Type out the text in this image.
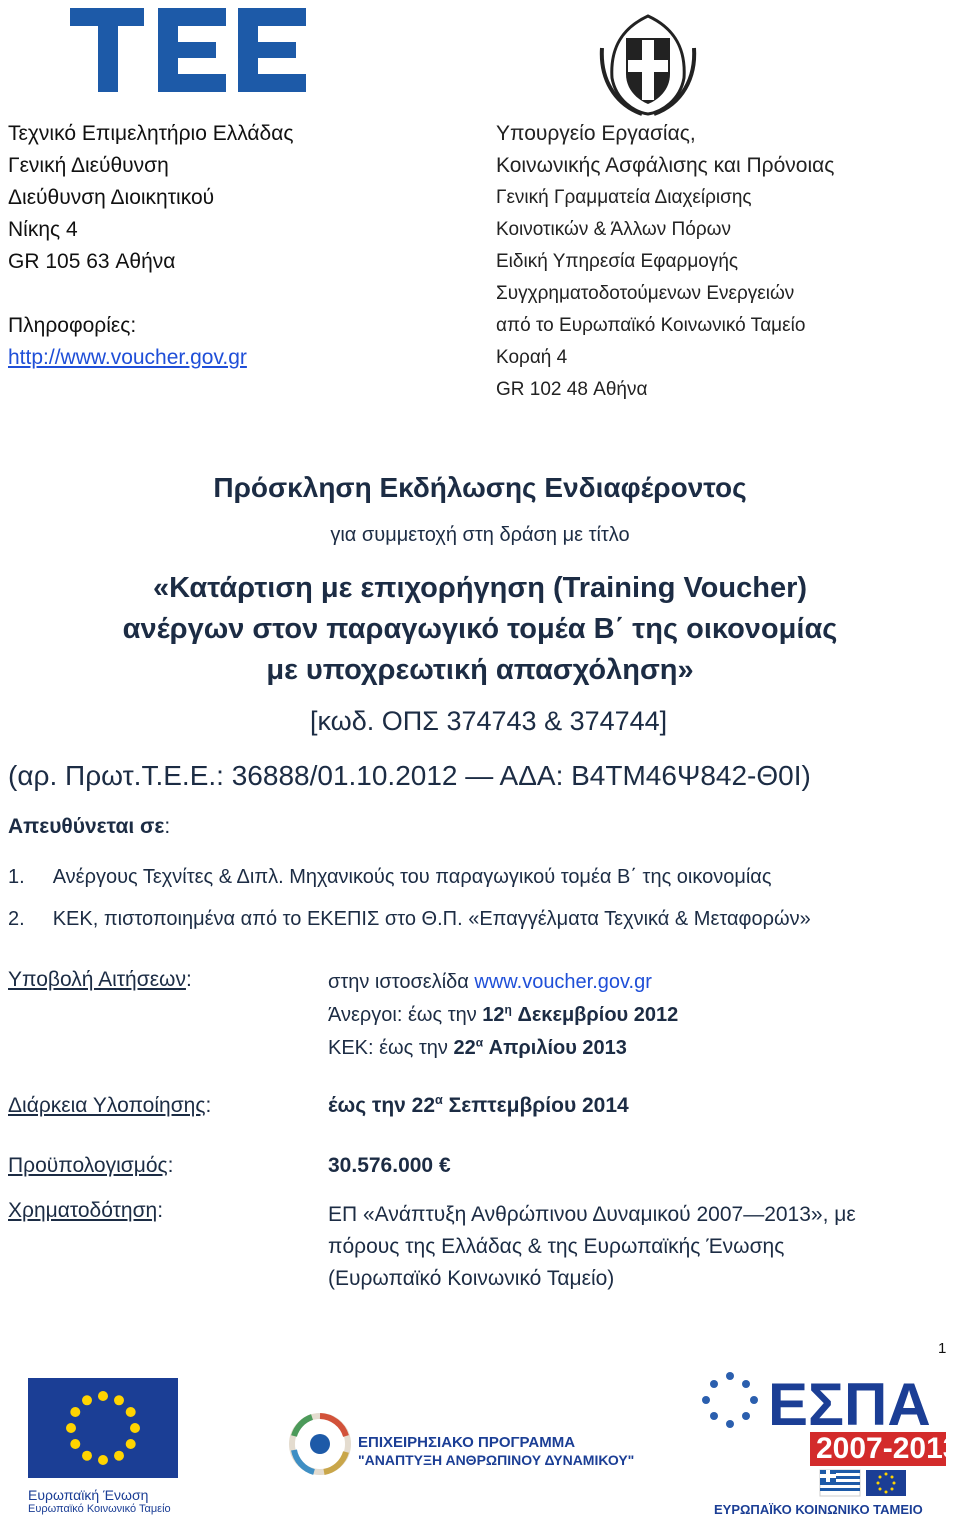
Τεχνικό Επιμελητήριο Ελλάδας
Γενική Διεύθυνση
Διεύθυνση Διοικητικού
Νίκης 4
GR 105 63 Αθήνα
Πληροφορίες:
http://www.voucher.gov.gr
Υπουργείο Εργασίας,
Κοινωνικής Ασφάλισης και Πρόνοιας
Γενική Γραμματεία Διαχείρισης
Κοινοτικών & Άλλων Πόρων
Ειδική Υπηρεσία Εφαρμογής
Συγχρηματοδοτούμενων Ενεργειών
από το Ευρωπαϊκό Κοινωνικό Ταμείο
Κοραή 4
GR 102 48 Αθήνα
Πρόσκληση Εκδήλωσης Ενδιαφέροντος
για συμμετοχή στη δράση με τίτλο
«Κατάρτιση με επιχορήγηση (Training Voucher)
ανέργων στον παραγωγικό τομέα Β΄ της οικονομίας
με υποχρεωτική απασχόληση»
[κωδ. ΟΠΣ 374743 & 374744]
(αρ. Πρωτ.Τ.Ε.Ε.: 36888/01.10.2012 ― ΑΔΑ: Β4ΤΜ46Ψ842-Θ0Ι)
Απευθύνεται σε:
1. Ανέργους Τεχνίτες & Διπλ. Μηχανικούς του παραγωγικού τομέα Β΄ της οικονομίας
2. ΚΕΚ, πιστοποιημένα από το ΕΚΕΠΙΣ στο Θ.Π. «Επαγγέλματα Τεχνικά & Μεταφορών»
Υποβολή Αιτήσεων:	στην ιστοσελίδα www.voucher.gov.gr
Άνεργοι: έως την $12^\eta$ Δεκεμβρίου 2012
ΚΕΚ: έως την $22^\alpha$ Απριλίου 2013
Διάρκεια Υλοποίησης:	έως την $22^\alpha$ Σεπτεμβρίου 2014
Προϋπολογισμός:	30.576.000 €
Χρηματοδότηση:	ΕΠ «Ανάπτυξη Ανθρώπινου Δυναμικού 2007―2013», με
πόρους της Ελλάδας & της Ευρωπαϊκής Ένωσης
(Ευρωπαϊκό Κοινωνικό Ταμείο)
1
Ευρωπαϊκή Ένωση
Ευρωπαϊκό Κοινωνικό Ταμείο
ΕΠΙΧΕΙΡΗΣΙΑΚΟ ΠΡΟΓΡΑΜΜΑ
"ΑΝΑΠΤΥΞΗ ΑΝΘΡΩΠΙΝΟΥ ΔΥΝΑΜΙΚΟΥ"
ΕΣΠΑ
2007-2013
ΕΥΡΩΠΑΪΚΟ ΚΟΙΝΩΝΙΚΟ ΤΑΜΕΙΟ
